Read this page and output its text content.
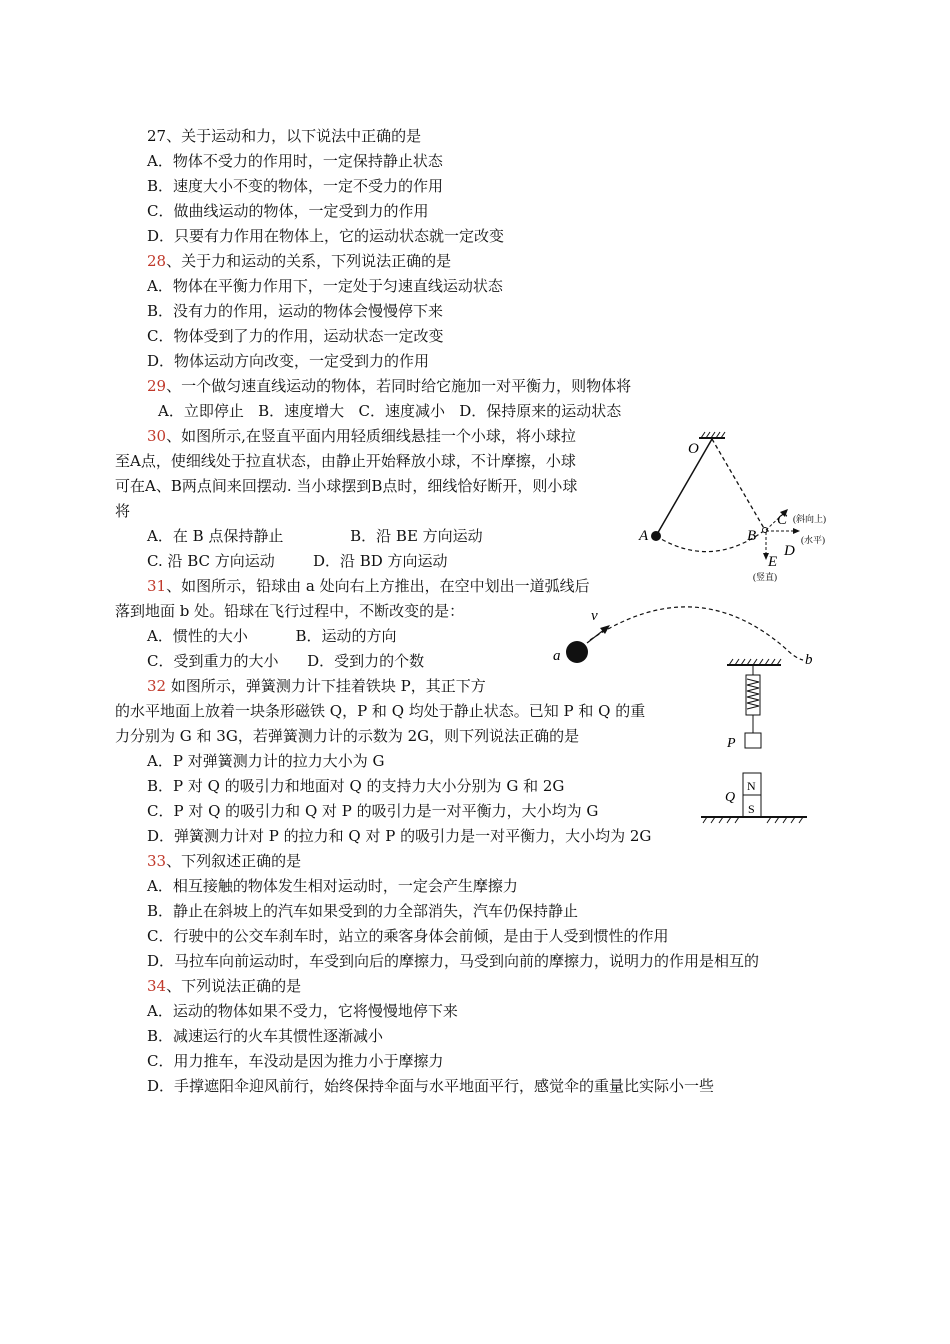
27、关于运动和力，以下说法中正确的是
A．物体不受力的作用时，一定保持静止状态
B．速度大小不变的物体，一定不受力的作用
C．做曲线运动的物体，一定受到力的作用
D．只要有力作用在物体上，它的运动状态就一定改变
28、关于力和运动的关系，下列说法正确的是
A．物体在平衡力作用下，一定处于匀速直线运动状态
B．没有力的作用，运动的物体会慢慢停下来
C．物体受到了力的作用，运动状态一定改变
D．物体运动方向改变，一定受到力的作用
29、一个做匀速直线运动的物体，若同时给它施加一对平衡力，则物体将
A．立即停止   B．速度增大   C．速度减小   D．保持原来的运动状态
30、如图所示,在竖直平面内用轻质细线悬挂一个小球，将小球拉
至A点，使细线处于拉直状态，由静止开始释放小球，不计摩擦，小球
可在A、B两点间来回摆动. 当小球摆到B点时，细线恰好断开，则小球
将
A．在 B 点保持静止              B．沿 BE 方向运动
C. 沿 BC 方向运动        D．沿 BD 方向运动
O
A	B
C (斜向上)
D
(水平)
E
(竖直)
31、如图所示，铅球由 a 处向右上方推出，在空中划出一道弧线后
落到地面 b 处。铅球在飞行过程中，不断改变的是：
A．惯性的大小          B．运动的方向
C．受到重力的大小      D．受到力的个数
v
a	b
32 如图所示，弹簧测力计下挂着铁块 P，其正下方
的水平地面上放着一块条形磁铁 Q，P 和 Q 均处于静止状态。已知 P 和 Q 的重
力分别为 G 和 3G，若弹簧测力计的示数为 2G，则下列说法正确的是
A．P 对弹簧测力计的拉力大小为 G
B．P 对 Q 的吸引力和地面对 Q 的支持力大小分别为 G 和 2G
C．P 对 Q 的吸引力和 Q 对 P 的吸引力是一对平衡力，大小均为 G
D．弹簧测力计对 P 的拉力和 Q 对 P 的吸引力是一对平衡力，大小均为 2G
P
N
S
Q
33、下列叙述正确的是
A．相互接触的物体发生相对运动时，一定会产生摩擦力
B．静止在斜坡上的汽车如果受到的力全部消失，汽车仍保持静止
C．行驶中的公交车刹车时，站立的乘客身体会前倾，是由于人受到惯性的作用
D．马拉车向前运动时，车受到向后的摩擦力，马受到向前的摩擦力，说明力的作用是相互的
34、下列说法正确的是
A．运动的物体如果不受力，它将慢慢地停下来
B．减速运行的火车其惯性逐渐减小
C．用力推车，车没动是因为推力小于摩擦力
D．手撑遮阳伞迎风前行，始终保持伞面与水平地面平行，感觉伞的重量比实际小一些
